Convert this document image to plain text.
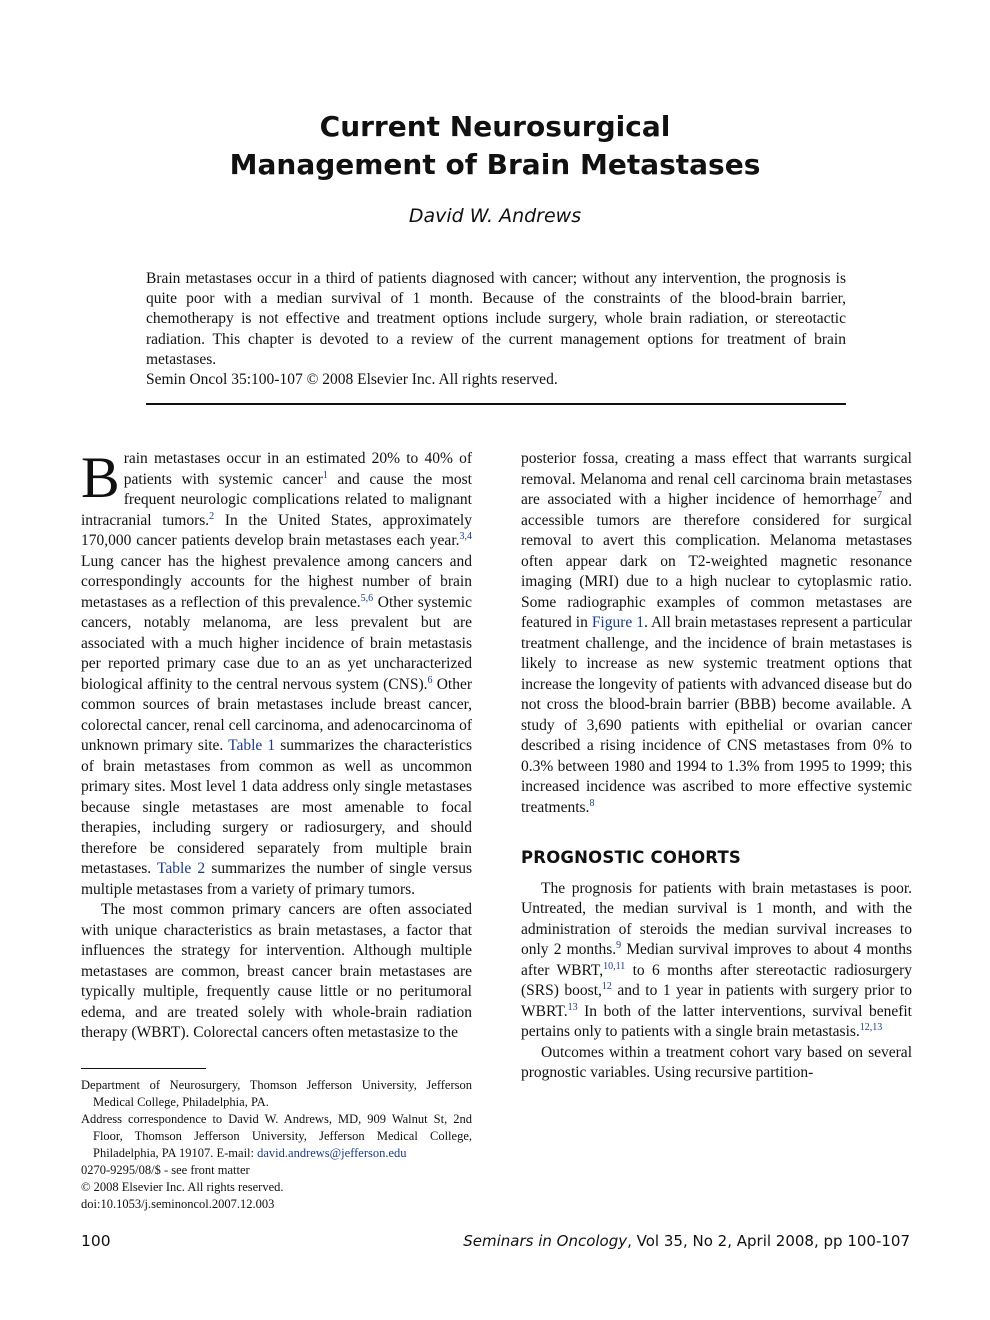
Current Neurosurgical
Management of Brain Metastases
David W. Andrews
Brain metastases occur in a third of patients diagnosed with cancer; without any intervention, the prognosis is quite poor with a median survival of 1 month. Because of the constraints of the blood-brain barrier, chemotherapy is not effective and treatment options include surgery, whole brain radiation, or stereotactic radiation. This chapter is devoted to a review of the current management options for treatment of brain metastases.
Semin Oncol 35:100-107 © 2008 Elsevier Inc. All rights reserved.

Brain metastases occur in an estimated 20% to 40% of patients with systemic cancer$^1$ and cause the most frequent neurologic complications related to malignant intracranial tumors.$^2$ In the United States, approximately 170,000 cancer patients develop brain metastases each year.$^{3,4}$ Lung cancer has the highest prevalence among cancers and correspondingly accounts for the highest number of brain metastases as a reflection of this prevalence.$^{5,6}$ Other systemic cancers, notably melanoma, are less prevalent but are associated with a much higher incidence of brain metastasis per reported primary case due to an as yet uncharacterized biological affinity to the central nervous system (CNS).$^6$ Other common sources of brain metastases include breast cancer, colorectal cancer, renal cell carcinoma, and adenocarcinoma of unknown primary site. Table 1 summarizes the characteristics of brain metastases from common as well as uncommon primary sites. Most level 1 data address only single metastases because single metastases are most amenable to focal therapies, including surgery or radiosurgery, and should therefore be considered separately from multiple brain metastases. Table 2 summarizes the number of single versus multiple metastases from a variety of primary tumors.

The most common primary cancers are often associated with unique characteristics as brain metastases, a factor that influences the strategy for intervention. Although multiple metastases are common, breast cancer brain metastases are typically multiple, frequently cause little or no peritumoral edema, and are treated solely with whole-brain radiation therapy (WBRT). Colorectal cancers often metastasize to the

posterior fossa, creating a mass effect that warrants surgical removal. Melanoma and renal cell carcinoma brain metastases are associated with a higher incidence of hemorrhage$^7$ and accessible tumors are therefore considered for surgical removal to avert this complication. Melanoma metastases often appear dark on T2-weighted magnetic resonance imaging (MRI) due to a high nuclear to cytoplasmic ratio. Some radiographic examples of common metastases are featured in Figure 1. All brain metastases represent a particular treatment challenge, and the incidence of brain metastases is likely to increase as new systemic treatment options that increase the longevity of patients with advanced disease but do not cross the blood-brain barrier (BBB) become available. A study of 3,690 patients with epithelial or ovarian cancer described a rising incidence of CNS metastases from 0% to 0.3% between 1980 and 1994 to 1.3% from 1995 to 1999; this increased incidence was ascribed to more effective systemic treatments.$^8$

PROGNOSTIC COHORTS

The prognosis for patients with brain metastases is poor. Untreated, the median survival is 1 month, and with the administration of steroids the median survival increases to only 2 months.$^9$ Median survival improves to about 4 months after WBRT,$^{10,11}$ to 6 months after stereotactic radiosurgery (SRS) boost,$^{12}$ and to 1 year in patients with surgery prior to WBRT.$^{13}$ In both of the latter interventions, survival benefit pertains only to patients with a single brain metastasis.$^{12,13}$

Outcomes within a treatment cohort vary based on several prognostic variables. Using recursive partition-

Department of Neurosurgery, Thomson Jefferson University, Jefferson Medical College, Philadelphia, PA.
Address correspondence to David W. Andrews, MD, 909 Walnut St, 2nd Floor, Thomson Jefferson University, Jefferson Medical College, Philadelphia, PA 19107. E-mail: david.andrews@jefferson.edu
0270-9295/08/$ - see front matter
© 2008 Elsevier Inc. All rights reserved.
doi:10.1053/j.seminoncol.2007.12.003
100	Seminars in Oncology, Vol 35, No 2, April 2008, pp 100-107
